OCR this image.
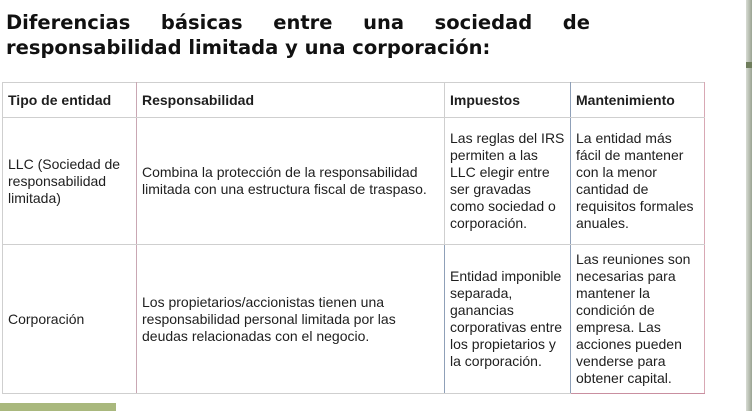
Diferencias básicas entre una sociedad de
responsabilidad limitada y una corporación:
Tipo de entidad	Responsabilidad	Impuestos	Mantenimiento
LLC (Sociedad de responsabilidad limitada)	Combina la protección de la responsabilidad limitada con una estructura fiscal de traspaso.	Las reglas del IRS permiten a las LLC elegir entre ser gravadas como sociedad o corporación.	La entidad más fácil de mantener con la menor cantidad de requisitos formales anuales.
Corporación	Los propietarios/accionistas tienen una responsabilidad personal limitada por las deudas relacionadas con el negocio.	Entidad imponible separada, ganancias corporativas entre los propietarios y la corporación.	Las reuniones son necesarias para mantener la condición de empresa. Las acciones pueden venderse para obtener capital.
